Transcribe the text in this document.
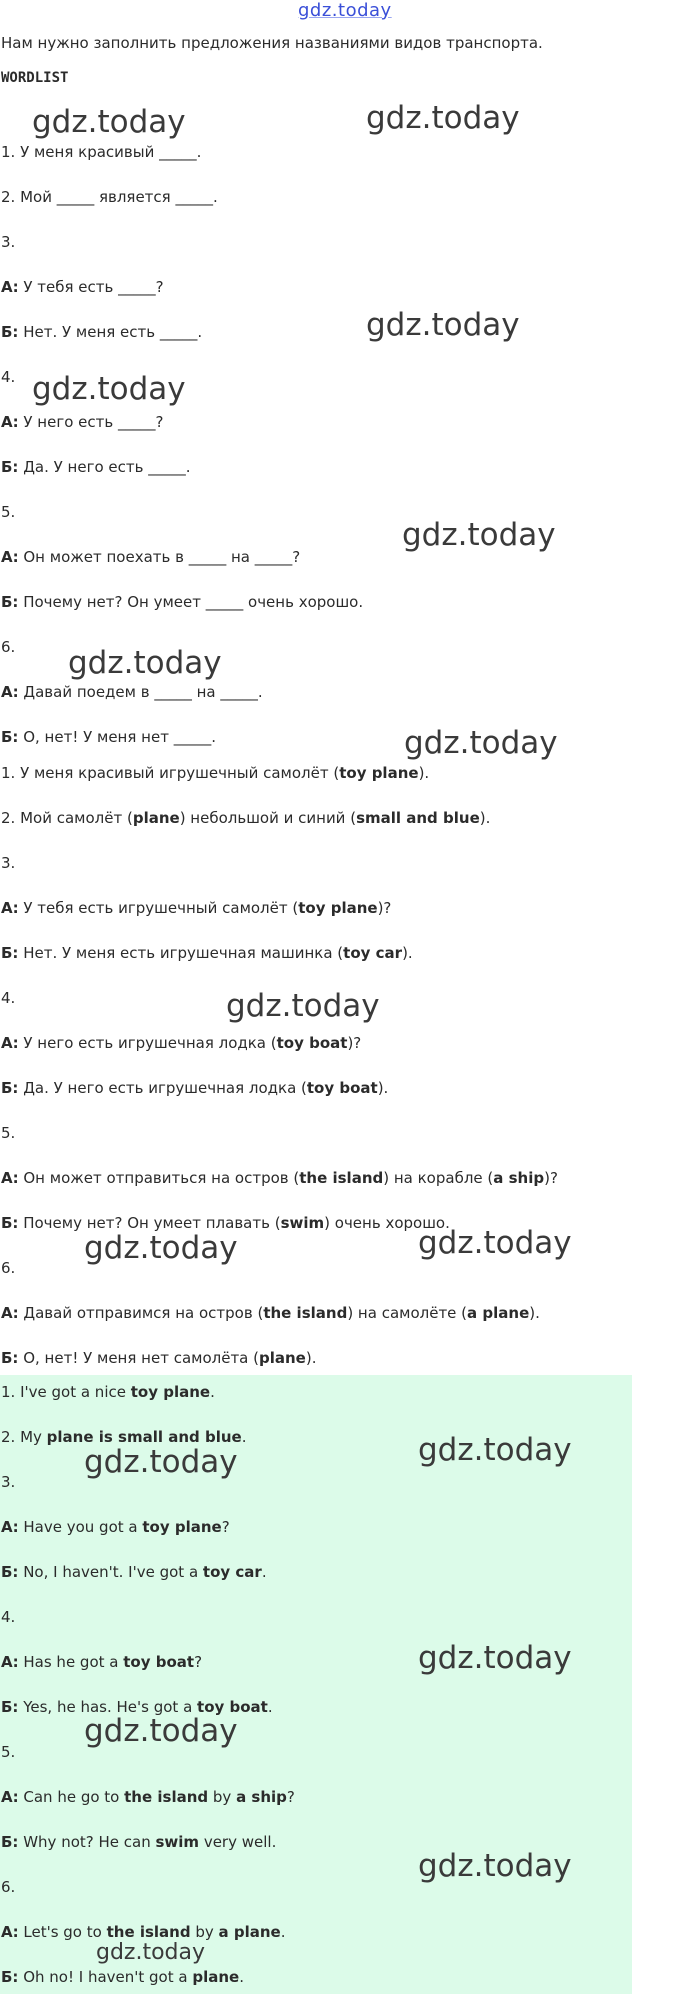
gdz.today
Нам нужно заполнить предложения названиями видов транспорта.
WORDLIST
1. У меня красивый _____.
2. Мой _____ является _____.
3.
А: У тебя есть _____?
Б: Нет. У меня есть _____.
4.
А: У него есть _____?
Б: Да. У него есть _____.
5.
А: Он может поехать в _____ на _____?
Б: Почему нет? Он умеет _____ очень хорошо.
6.
А: Давай поедем в _____ на _____.
Б: О, нет! У меня нет _____.
1. У меня красивый игрушечный самолёт (toy plane).
2. Мой самолёт (plane) небольшой и синий (small and blue).
3.
А: У тебя есть игрушечный самолёт (toy plane)?
Б: Нет. У меня есть игрушечная машинка (toy car).
4.
А: У него есть игрушечная лодка (toy boat)?
Б: Да. У него есть игрушечная лодка (toy boat).
5.
А: Он может отправиться на остров (the island) на корабле (a ship)?
Б: Почему нет? Он умеет плавать (swim) очень хорошо.
6.
А: Давай отправимся на остров (the island) на самолёте (a plane).
Б: О, нет! У меня нет самолёта (plane).
1. I've got a nice toy plane.
2. My plane is small and blue.
3.
А: Have you got a toy plane?
Б: No, I haven't. I've got a toy car.
4.
А: Has he got a toy boat?
Б: Yes, he has. He's got a toy boat.
5.
А: Can he go to the island by a ship?
Б: Why not? He can swim very well.
6.
А: Let's go to the island by a plane.
Б: Oh no! I haven't got a plane.
gdz.today	gdz.today
gdz.today
gdz.today
gdz.today
gdz.today
gdz.today
gdz.today
gdz.today	gdz.today
gdz.today
gdz.today
gdz.today
gdz.today
gdz.today
gdz.today
